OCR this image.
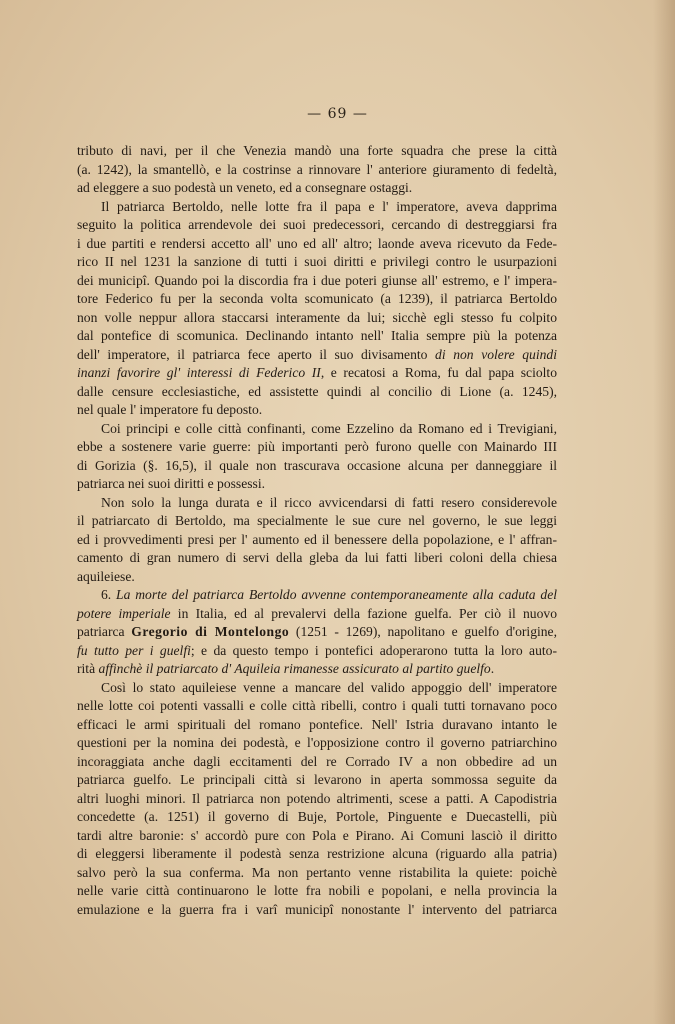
— 69 —
tributo di navi, per il che Venezia mandò una forte squadra che prese la città
(a. 1242), la smantellò, e la costrinse a rinnovare l' anteriore giuramento di fedeltà,
ad eleggere a suo podestà un veneto, ed a consegnare ostaggi.
Il patriarca Bertoldo, nelle lotte fra il papa e l' imperatore, aveva dapprima
seguito la politica arrendevole dei suoi predecessori, cercando di destreggiarsi fra
i due partiti e rendersi accetto all' uno ed all' altro; laonde aveva ricevuto da Fede-
rico II nel 1231 la sanzione di tutti i suoi diritti e privilegi contro le usurpazioni
dei municipî. Quando poi la discordia fra i due poteri giunse all' estremo, e l' impera-
tore Federico fu per la seconda volta scomunicato (a 1239), il patriarca Bertoldo
non volle neppur allora staccarsi interamente da lui; sicchè egli stesso fu colpito
dal pontefice di scomunica. Declinando intanto nell' Italia sempre più la potenza
dell' imperatore, il patriarca fece aperto il suo divisamento di non volere quindi
inanzi favorire gl' interessi di Federico II, e recatosi a Roma, fu dal papa sciolto
dalle censure ecclesiastiche, ed assistette quindi al concilio di Lione (a. 1245),
nel quale l' imperatore fu deposto.
Coi principi e colle città confinanti, come Ezzelino da Romano ed i Trevigiani,
ebbe a sostenere varie guerre: più importanti però furono quelle con Mainardo III
di Gorizia (§. 16,5), il quale non trascurava occasione alcuna per danneggiare il
patriarca nei suoi diritti e possessi.
Non solo la lunga durata e il ricco avvicendarsi di fatti resero considerevole
il patriarcato di Bertoldo, ma specialmente le sue cure nel governo, le sue leggi
ed i provvedimenti presi per l' aumento ed il benessere della popolazione, e l' affran-
camento di gran numero di servi della gleba da lui fatti liberi coloni della chiesa
aquileiese.
6. La morte del patriarca Bertoldo avvenne contemporaneamente alla caduta del
potere imperiale in Italia, ed al prevalervi della fazione guelfa. Per ciò il nuovo
patriarca Gregorio di Montelongo (1251 - 1269), napolitano e guelfo d'origine,
fu tutto per i guelfi; e da questo tempo i pontefici adoperarono tutta la loro auto-
rità affinchè il patriarcato d' Aquileia rimanesse assicurato al partito guelfo.
Così lo stato aquileiese venne a mancare del valido appoggio dell' imperatore
nelle lotte coi potenti vassalli e colle città ribelli, contro i quali tutti tornavano poco
efficaci le armi spirituali del romano pontefice. Nell' Istria duravano intanto le
questioni per la nomina dei podestà, e l'opposizione contro il governo patriarchino
incoraggiata anche dagli eccitamenti del re Corrado IV a non obbedire ad un
patriarca guelfo. Le principali città si levarono in aperta sommossa seguite da
altri luoghi minori. Il patriarca non potendo altrimenti, scese a patti. A Capodistria
concedette (a. 1251) il governo di Buje, Portole, Pinguente e Duecastelli, più
tardi altre baronie: s' accordò pure con Pola e Pirano. Ai Comuni lasciò il diritto
di eleggersi liberamente il podestà senza restrizione alcuna (riguardo alla patria)
salvo però la sua conferma. Ma non pertanto venne ristabilita la quiete: poichè
nelle varie città continuarono le lotte fra nobili e popolani, e nella provincia la
emulazione e la guerra fra i varî municipî nonostante l' intervento del patriarca
